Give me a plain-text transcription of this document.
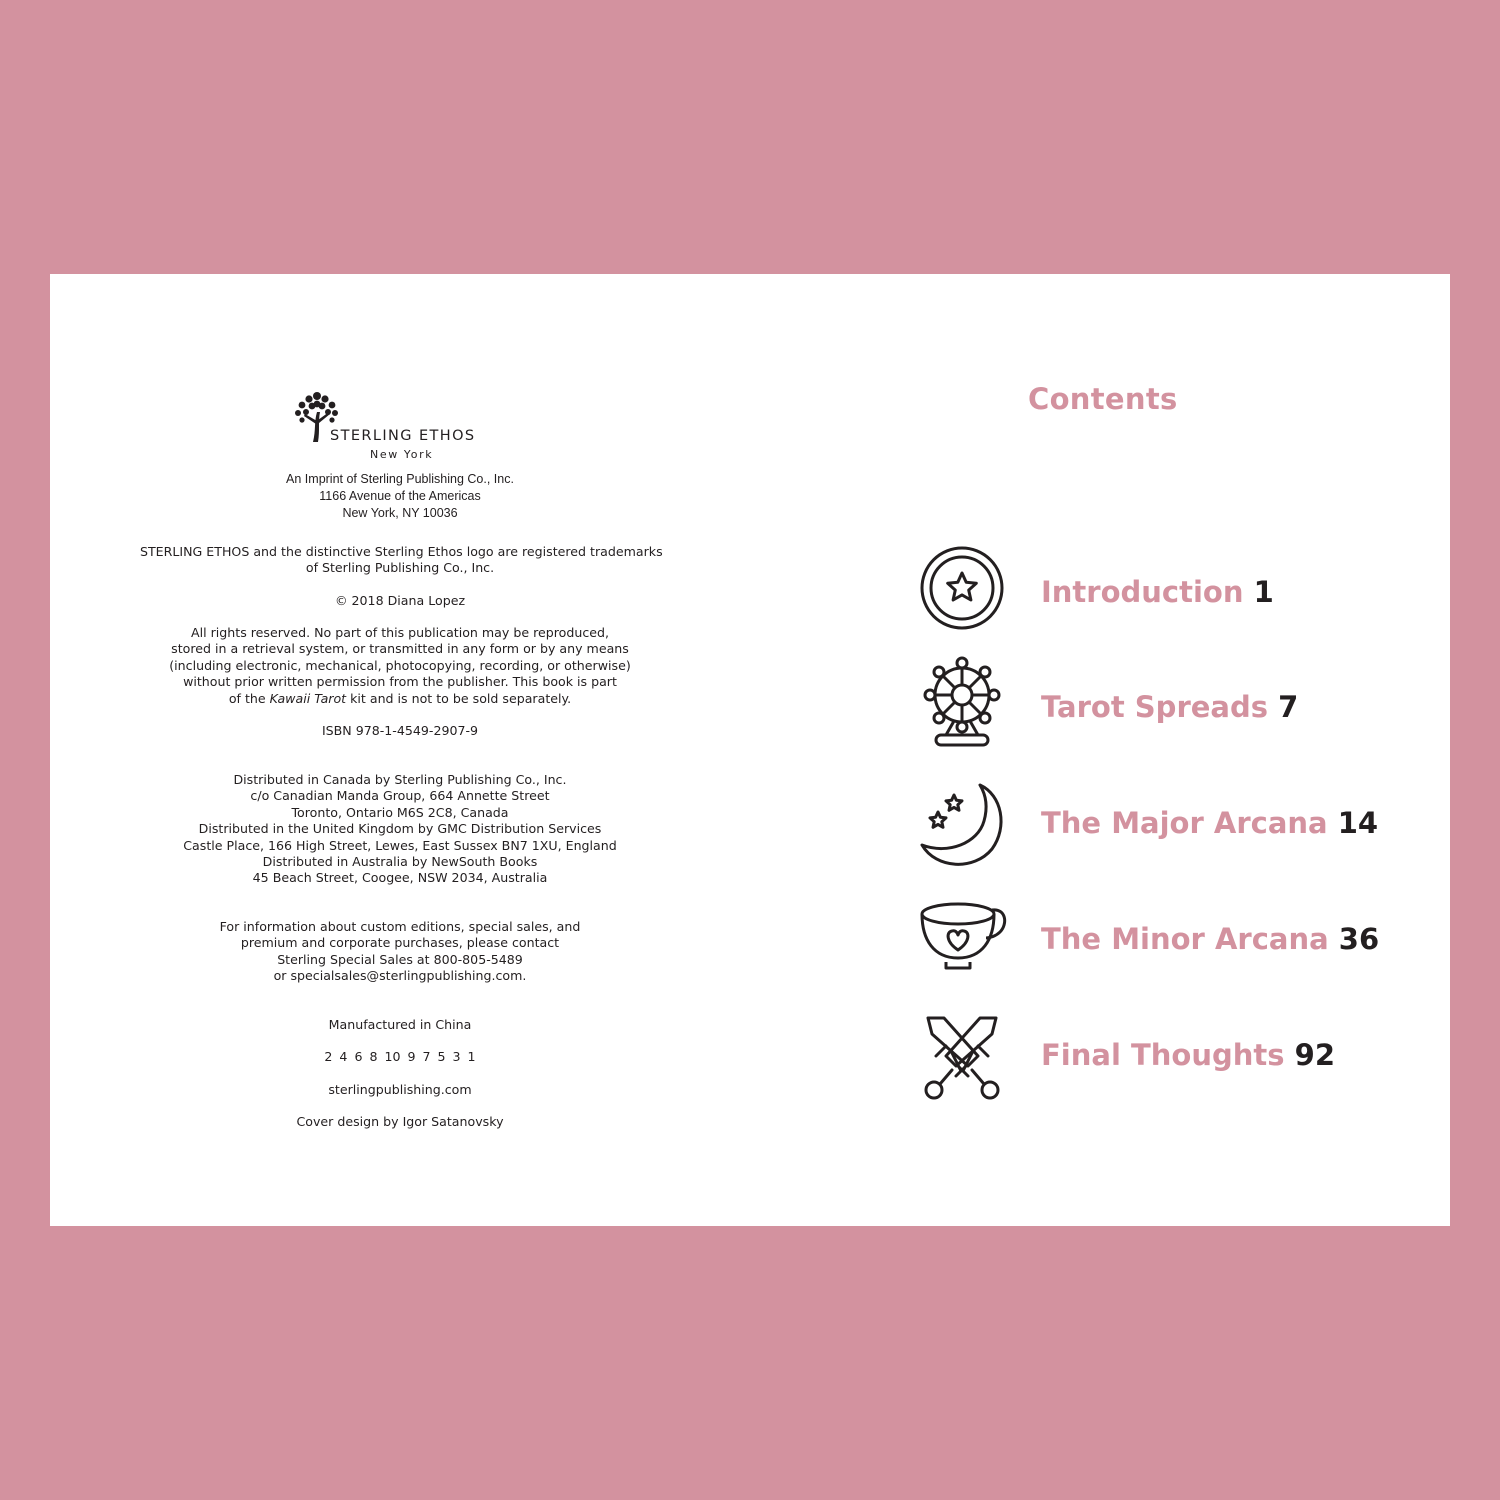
STERLING ETHOS
New York
An Imprint of Sterling Publishing Co., Inc.
1166 Avenue of the Americas
New York, NY 10036
STERLING ETHOS and the distinctive Sterling Ethos logo are registered trademarks
of Sterling Publishing Co., Inc.
© 2018 Diana Lopez
All rights reserved. No part of this publication may be reproduced,
stored in a retrieval system, or transmitted in any form or by any means
(including electronic, mechanical, photocopying, recording, or otherwise)
without prior written permission from the publisher. This book is part
of the Kawaii Tarot kit and is not to be sold separately.
ISBN 978-1-4549-2907-9
Distributed in Canada by Sterling Publishing Co., Inc.
c/o Canadian Manda Group, 664 Annette Street
Toronto, Ontario M6S 2C8, Canada
Distributed in the United Kingdom by GMC Distribution Services
Castle Place, 166 High Street, Lewes, East Sussex BN7 1XU, England
Distributed in Australia by NewSouth Books
45 Beach Street, Coogee, NSW 2034, Australia
For information about custom editions, special sales, and
premium and corporate purchases, please contact
Sterling Special Sales at 800-805-5489
or specialsales@sterlingpublishing.com.
Manufactured in China
2 4 6 8 10 9 7 5 3 1
sterlingpublishing.com
Cover design by Igor Satanovsky
Contents
Introduction 1
Tarot Spreads 7
The Major Arcana 14
The Minor Arcana 36
Final Thoughts 92
